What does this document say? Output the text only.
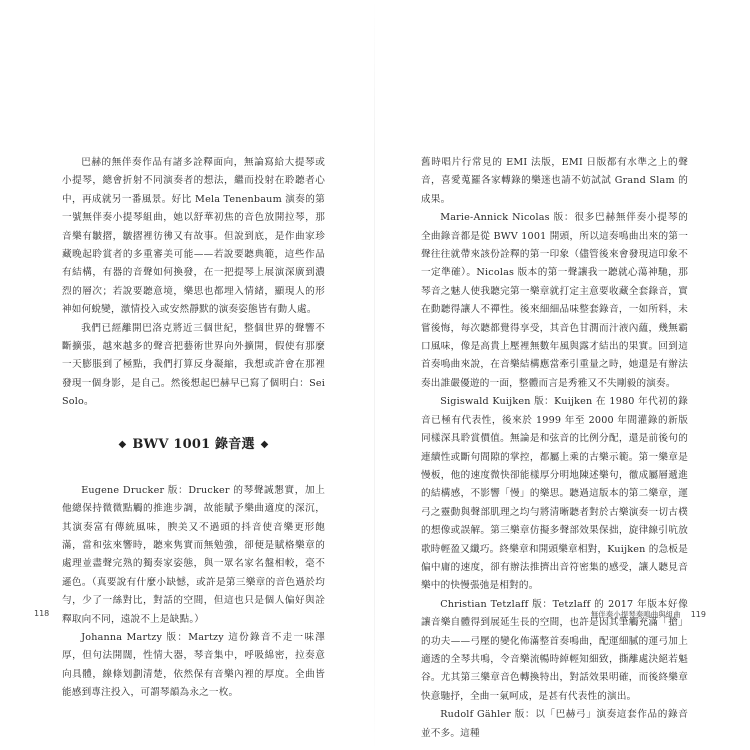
巴赫的無伴奏作品有諸多詮釋面向，無論寫給大提琴或小提琴，總會折射不同演奏者的想法，繼而投射在聆聽者心中，再成就另一番風景。好比 Mela Tenenbaum 演奏的第一號無伴奏小提琴組曲，她以舒華初焦的音色放開拉琴，那音樂有皺摺，皺摺裡彷彿又有故事。但說到底，是作曲家珍藏晚起聆賞者的多重審美可能——若說要聽典範，這些作品有結構，有器的音聲如何換發，在一把提琴上展演深廣到濃烈的層次；若說要聽意境，樂思也都埋入情緒，顯現人的形神如何蛻變，激情投入或安然靜默的演奏姿態皆有動人處。

我們已經離開巴洛克將近三個世紀，整個世界的聲響不斷擴張，越來越多的聲音把藝術世界向外擴開，假使有那麼一天膨脹到了極點，我們打算反身凝縮，我想或許會在那裡發現一個身影，是自己。然後想起巴赫早已寫了個明白：Sei Solo。

◆ BWV 1001 錄音選 ◆

Eugene Drucker 版：Drucker 的琴聲誠懇實，加上他總保持微微點觸的推進步調，故能賦予樂曲適度的深沉，其演奏富有傳統風味，腴美又不過頭的抖音使音樂更形飽滿，當和弦來響時，聽來隽實而無勉強，卻便是賦格樂章的處理並盡聲完熟的獨奏家姿態，與一眾名家名盤相較，毫不遜色。（真要說有什麼小缺憾，或許是第三樂章的音色過於均勻，少了一絲對比，對話的空間，但這也只是個人偏好與詮釋取向不同，遠說不上是缺點。）

Johanna Martzy 版：Martzy 這份錄音不走一味澤厚，但句法開闊，性情大器，琴音集中，呼吸綿密，拉奏意向具體，線條划劃清楚，依然保有音樂內裡的厚度。全曲皆能感到專注投入，可謂琴韻為永之一枚。

118

舊時唱片行常見的 EMI 法版，EMI 日版都有水準之上的聲音，喜愛蒐羅各家轉錄的樂迷也請不妨試試 Grand Slam 的成果。

Marie-Annick Nicolas 版：很多巴赫無伴奏小提琴的全曲錄音都是從 BWV 1001 開頭，所以這奏鳴曲出來的第一聲往往就帶來該份詮釋的第一印象（儘管後來會發現這印象不一定準確）。Nicolas 版本的第一聲讓我一聽就心蕩神馳，那琴音之魅人使我聽完第一樂章就打定主意要收藏全套錄音，實在動聽得讓人不禪性。後來細細品味整套錄音，一如所料，未嘗後悔，每次聽都覺得享受，其音色甘潤而汁液內蘊，幾無霸口風味，像是高貴上壓裡無數年風與露才結出的果實。回到這首奏鳴曲來說，在音樂結構應當牽引重量之時，她還是有辦法奏出誰嚴優遊的一面，整體而言是秀雅又不失剛毅的演奏。

Sigiswald Kuijken 版：Kuijken 在 1980 年代初的錄音已極有代表性，後來於 1999 年至 2000 年間灌錄的新版同樣深具聆賞價值。無論是和弦音的比例分配，還是前後句的連續性或斷句間隙的掌控，都屬上乘的古樂示範。第一樂章是慢板，他的速度微快卻能樣厚分明地陳述樂句，徹成屬層遞進的結構感，不影響「慢」的樂思。聽過這版本的第二樂章，運弓之靈動與聲部肌理之均勻將清晰聽者對於古樂演奏一切古樸的想像或誤解。第三樂章仿擬多聲部效果保拙，旋律線引吭放歌時輕盈又纖巧。終樂章和開頭樂章相對，Kuijken 的急板是偏中庸的速度，卻有辦法推擠出音符密集的感受，讓人聽見音樂中的快慢張弛是相對的。

Christian Tetzlaff 版：Tetzlaff 的 2017 年版本好像讓音樂自體得到展延生長的空間，也許是因其筆觸充滿「搶」的功夫——弓壓的變化佈滿整首奏鳴曲，配運細膩的運弓加上適透的全琴共鳴，令音樂流暢時綽輕知細致，撕離處決絕若魁谷。尤其第三樂章音色轉換特出，對話效果明確，而後終樂章快意馳抒，全曲一氣呵成，是甚有代表性的演出。

Rudolf Gähler 版：以「巴赫弓」演奏這套作品的錄音並不多。這種

無伴奏小提琴奏鳴曲與組曲 119
